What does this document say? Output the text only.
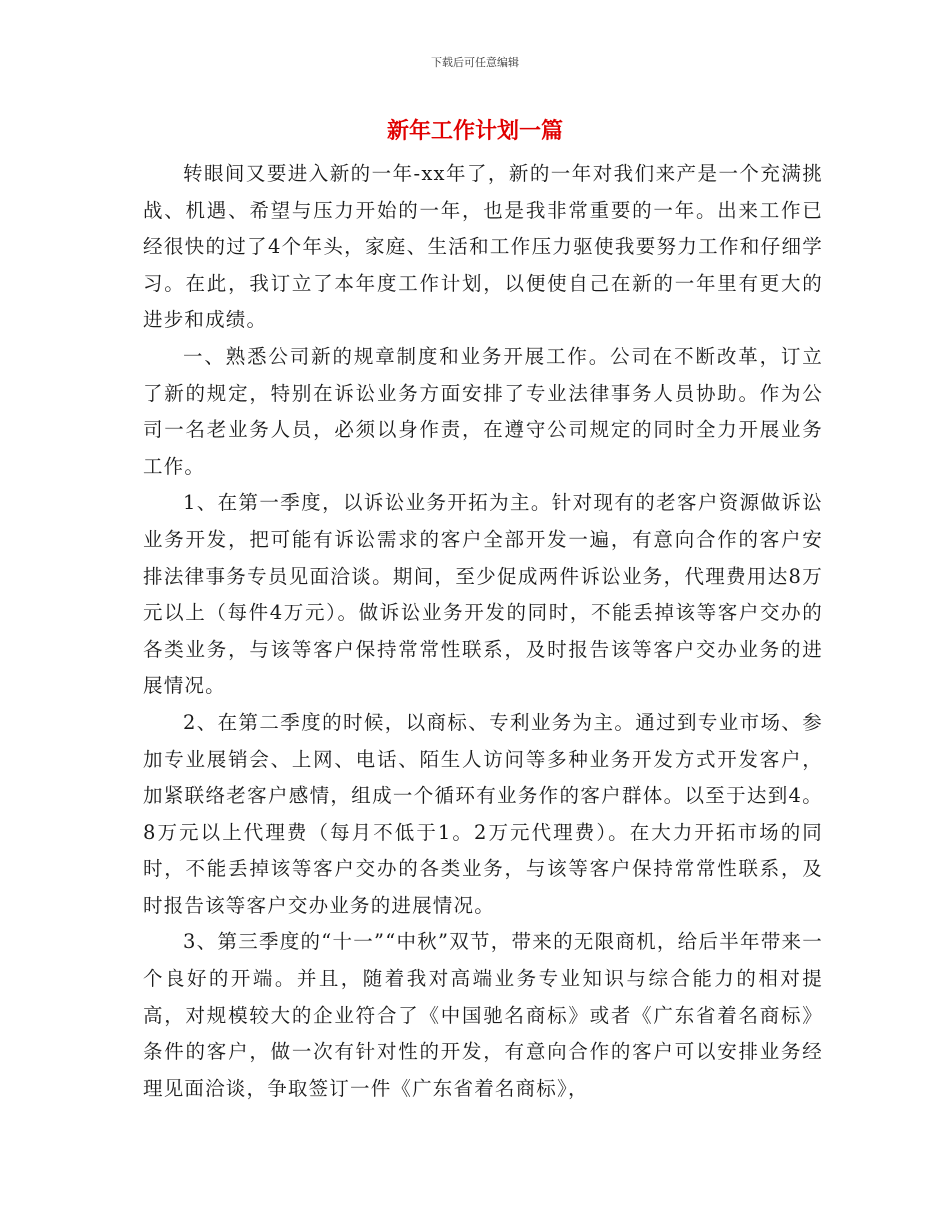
下载后可任意编辑
新年工作计划一篇

转眼间又要进入新的一年-xx年了，新的一年对我们来产是一个充满挑战、机遇、希望与压力开始的一年，也是我非常重要的一年。出来工作已经很快的过了4个年头，家庭、生活和工作压力驱使我要努力工作和仔细学习。在此，我订立了本年度工作计划，以便使自己在新的一年里有更大的进步和成绩。

一、熟悉公司新的规章制度和业务开展工作。公司在不断改革，订立了新的规定，特别在诉讼业务方面安排了专业法律事务人员协助。作为公司一名老业务人员，必须以身作责，在遵守公司规定的同时全力开展业务工作。

1、在第一季度，以诉讼业务开拓为主。针对现有的老客户资源做诉讼业务开发，把可能有诉讼需求的客户全部开发一遍，有意向合作的客户安排法律事务专员见面洽谈。期间，至少促成两件诉讼业务，代理费用达8万元以上（每件4万元）。做诉讼业务开发的同时，不能丢掉该等客户交办的各类业务，与该等客户保持常常性联系，及时报告该等客户交办业务的进展情况。

2、在第二季度的时候，以商标、专利业务为主。通过到专业市场、参加专业展销会、上网、电话、陌生人访问等多种业务开发方式开发客户，加紧联络老客户感情，组成一个循环有业务作的客户群体。以至于达到4。8万元以上代理费（每月不低于1。2万元代理费）。在大力开拓市场的同时，不能丢掉该等客户交办的各类业务，与该等客户保持常常性联系，及时报告该等客户交办业务的进展情况。

3、第三季度的“十一”“中秋”双节，带来的无限商机，给后半年带来一个良好的开端。并且，随着我对高端业务专业知识与综合能力的相对提高，对规模较大的企业符合了《中国驰名商标》或者《广东省着名商标》条件的客户，做一次有针对性的开发，有意向合作的客户可以安排业务经理见面洽谈，争取签订一件《广东省着名商标》，
